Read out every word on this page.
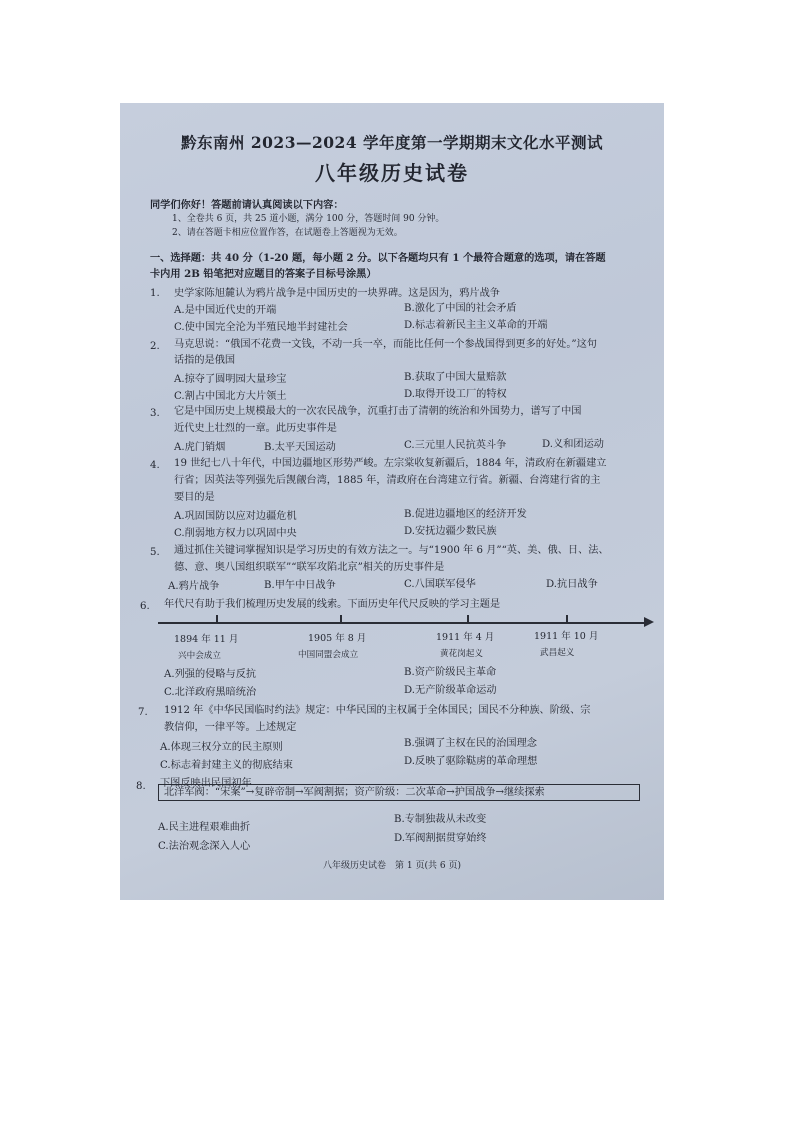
黔东南州 2023—2024 学年度第一学期期末文化水平测试
八年级历史试卷
同学们你好！答题前请认真阅读以下内容：
1、全卷共 6 页，共 25 道小题，满分 100 分，答题时间 90 分钟。
2、请在答题卡相应位置作答，在试题卷上答题视为无效。
一、选择题：共 40 分（1-20 题，每小题 2 分。以下各题均只有 1 个最符合题意的选项，请在答题
卡内用 2B 铅笔把对应题目的答案子目标号涂黑）
1. 史学家陈旭麓认为鸦片战争是中国历史的一块界碑。这是因为，鸦片战争
A.是中国近代史的开端	B.激化了中国的社会矛盾
C.使中国完全沦为半殖民地半封建社会	D.标志着新民主主义革命的开端
2. 马克思说：“俄国不花费一文钱，不动一兵一卒，而能比任何一个参战国得到更多的好处。”这句
话指的是俄国
A.掠夺了圆明园大量珍宝	B.获取了中国大量赔款
C.割占中国北方大片领土	D.取得开设工厂的特权
3. 它是中国历史上规模最大的一次农民战争，沉重打击了清朝的统治和外国势力，谱写了中国
近代史上壮烈的一章。此历史事件是
A.虎门销烟	B.太平天国运动	C.三元里人民抗英斗争	D.义和团运动
4. 19 世纪七八十年代，中国边疆地区形势严峻。左宗棠收复新疆后，1884 年，清政府在新疆建立
行省；因英法等列强先后觊觎台湾，1885 年，清政府在台湾建立行省。新疆、台湾建行省的主
要目的是
A.巩固国防以应对边疆危机	B.促进边疆地区的经济开发
C.削弱地方权力以巩固中央	D.安抚边疆少数民族
5. 通过抓住关键词掌握知识是学习历史的有效方法之一。与“1900 年 6 月”“英、美、俄、日、法、
德、意、奥八国组织联军”“联军攻陷北京”相关的历史事件是
A.鸦片战争	B.甲午中日战争	C.八国联军侵华	D.抗日战争
6. 年代尺有助于我们梳理历史发展的线索。下面历史年代尺反映的学习主题是
1894 年 11 月
兴中会成立
1905 年 8 月
中国同盟会成立
1911 年 4 月
黄花岗起义
1911 年 10 月
武昌起义
A.列强的侵略与反抗	B.资产阶级民主革命
C.北洋政府黑暗统治	D.无产阶级革命运动
7. 1912 年《中华民国临时约法》规定：中华民国的主权属于全体国民；国民不分种族、阶级、宗
教信仰，一律平等。上述规定
A.体现三权分立的民主原则	B.强调了主权在民的治国理念
C.标志着封建主义的彻底结束	D.反映了驱除鞑虏的革命理想
8. 下图反映出民国初年
北洋军阀：“宋案”→复辟帝制→军阀割据；资产阶级：二次革命→护国战争→继续探索
A.民主进程艰难曲折
B.专制独裁从未改变
C.法治观念深入人心
D.军阀割据贯穿始终
八年级历史试卷　第 1 页(共 6 页)
